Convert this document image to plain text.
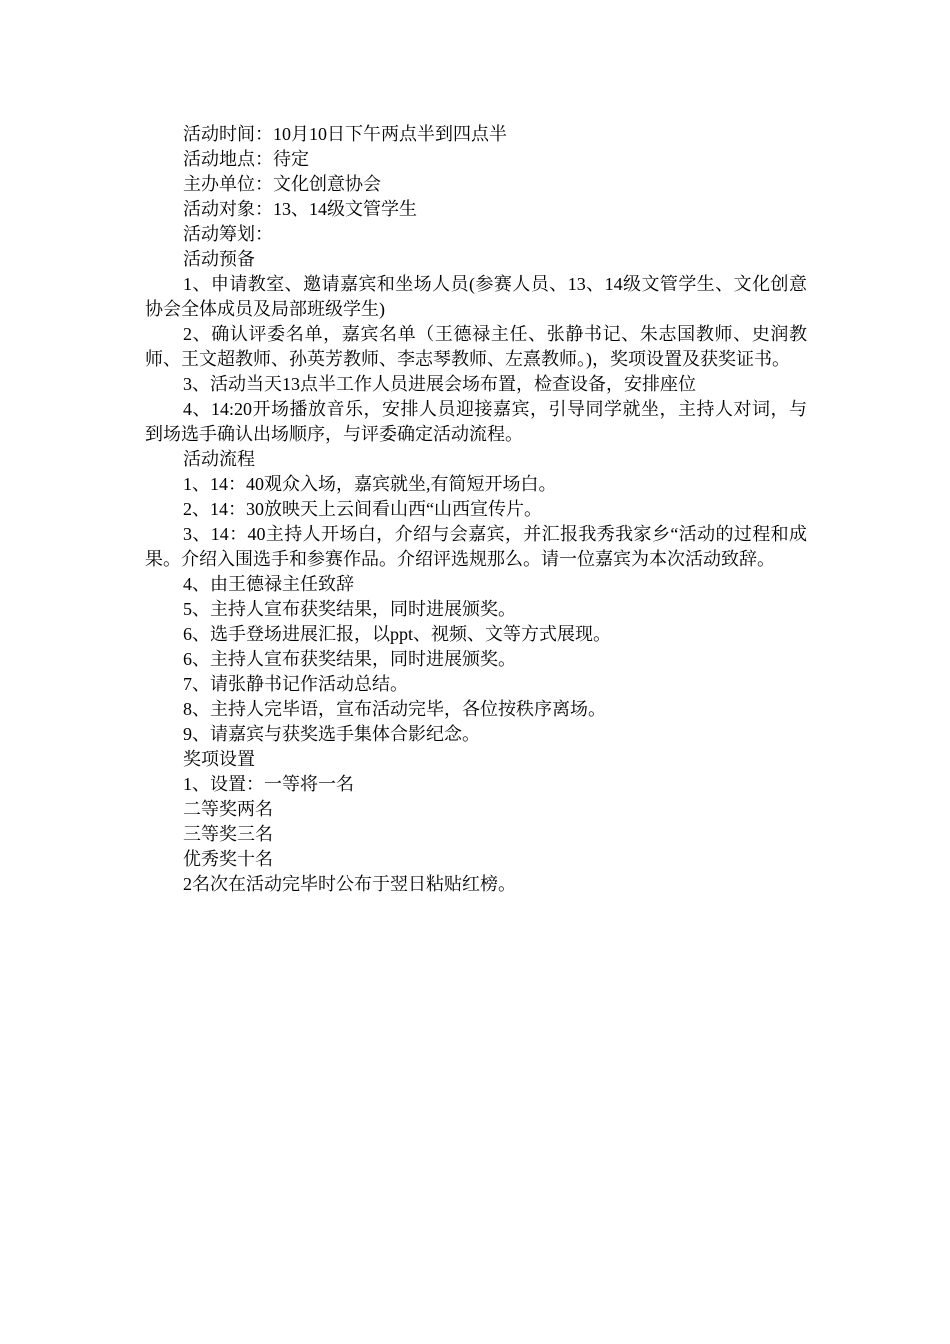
活动时间：10月10日下午两点半到四点半

活动地点：待定

主办单位：文化创意协会

活动对象：13、14级文管学生

活动筹划：

活动预备

1、申请教室、邀请嘉宾和坐场人员(参赛人员、13、14级文管学生、文化创意协会全体成员及局部班级学生)

2、确认评委名单，嘉宾名单（王德禄主任、张静书记、朱志国教师、史润教师、王文超教师、孙英芳教师、李志琴教师、左熹教师。)，奖项设置及获奖证书。

3、活动当天13点半工作人员进展会场布置，检查设备，安排座位

4、14:20开场播放音乐，安排人员迎接嘉宾，引导同学就坐，主持人对词，与到场选手确认出场顺序，与评委确定活动流程。

活动流程

1、14：40观众入场，嘉宾就坐,有简短开场白。

2、14：30放映天上云间看山西“山西宣传片。

3、14：40主持人开场白，介绍与会嘉宾，并汇报我秀我家乡“活动的过程和成果。介绍入围选手和参赛作品。介绍评选规那么。请一位嘉宾为本次活动致辞。

4、由王德禄主任致辞

5、主持人宣布获奖结果，同时进展颁奖。

6、选手登场进展汇报，以ppt、视频、文等方式展现。

6、主持人宣布获奖结果，同时进展颁奖。

7、请张静书记作活动总结。

8、主持人完毕语，宣布活动完毕，各位按秩序离场。

9、请嘉宾与获奖选手集体合影纪念。

奖项设置

1、设置：一等将一名

二等奖两名

三等奖三名

优秀奖十名

2名次在活动完毕时公布于翌日粘贴红榜。
